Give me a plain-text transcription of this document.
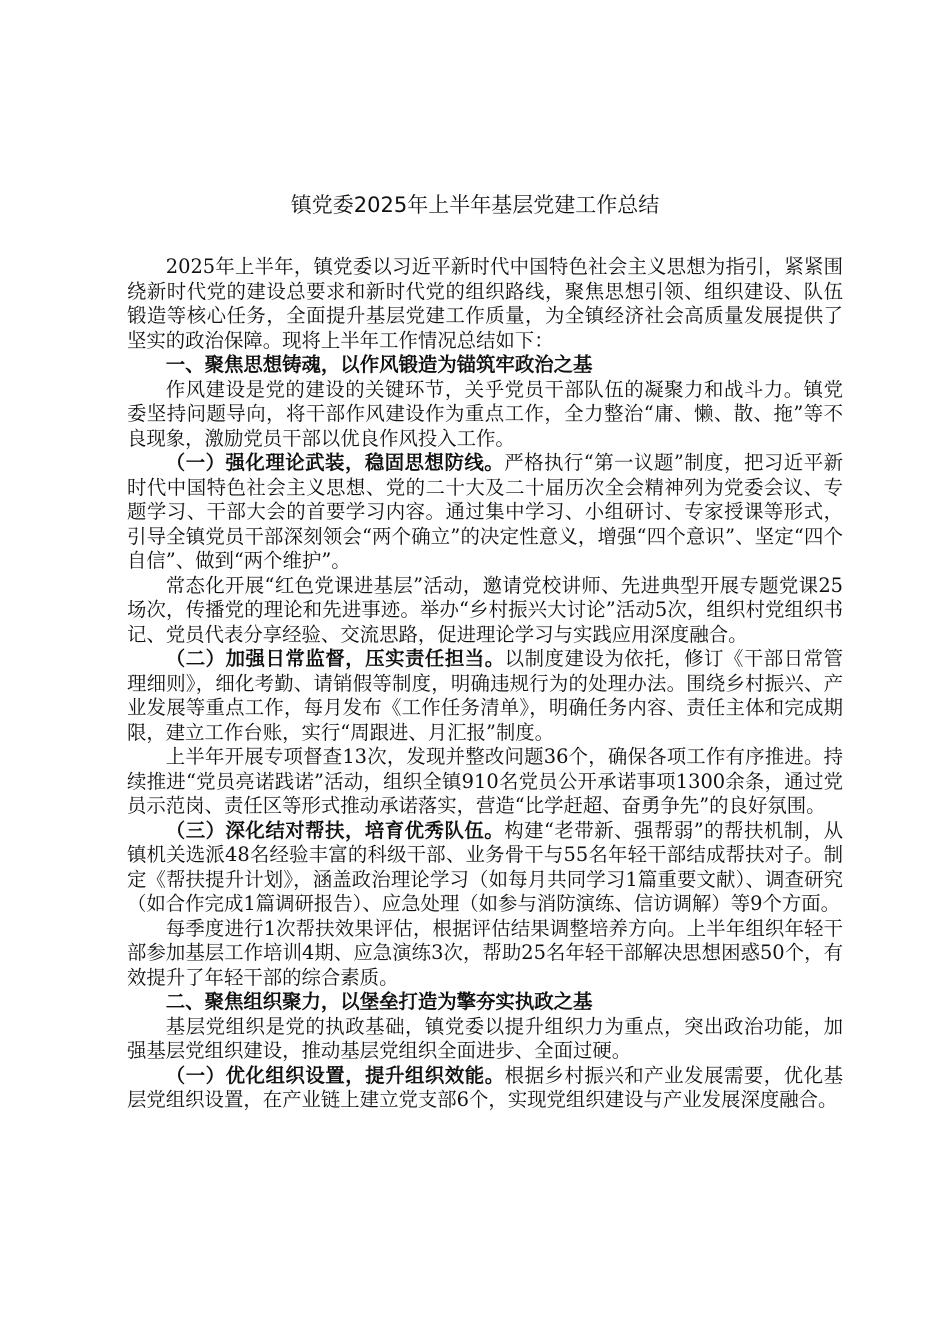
镇党委2025年上半年基层党建工作总结

2025年上半年，镇党委以习近平新时代中国特色社会主义思想为指引，紧紧围绕新时代党的建设总要求和新时代党的组织路线，聚焦思想引领、组织建设、队伍锻造等核心任务，全面提升基层党建工作质量，为全镇经济社会高质量发展提供了坚实的政治保障。现将上半年工作情况总结如下：

一、聚焦思想铸魂，以作风锻造为锚筑牢政治之基

作风建设是党的建设的关键环节，关乎党员干部队伍的凝聚力和战斗力。镇党委坚持问题导向，将干部作风建设作为重点工作，全力整治“庸、懒、散、拖”等不良现象，激励党员干部以优良作风投入工作。

（一）强化理论武装，稳固思想防线。严格执行“第一议题”制度，把习近平新时代中国特色社会主义思想、党的二十大及二十届历次全会精神列为党委会议、专题学习、干部大会的首要学习内容。通过集中学习、小组研讨、专家授课等形式，引导全镇党员干部深刻领会“两个确立”的决定性意义，增强“四个意识”、坚定“四个自信”、做到“两个维护”。

常态化开展“红色党课进基层”活动，邀请党校讲师、先进典型开展专题党课25场次，传播党的理论和先进事迹。举办“乡村振兴大讨论”活动5次，组织村党组织书记、党员代表分享经验、交流思路，促进理论学习与实践应用深度融合。

（二）加强日常监督，压实责任担当。以制度建设为依托，修订《干部日常管理细则》，细化考勤、请销假等制度，明确违规行为的处理办法。围绕乡村振兴、产业发展等重点工作，每月发布《工作任务清单》，明确任务内容、责任主体和完成期限，建立工作台账，实行“周跟进、月汇报”制度。

上半年开展专项督查13次，发现并整改问题36个，确保各项工作有序推进。持续推进“党员亮诺践诺”活动，组织全镇910名党员公开承诺事项1300余条，通过党员示范岗、责任区等形式推动承诺落实，营造“比学赶超、奋勇争先”的良好氛围。

（三）深化结对帮扶，培育优秀队伍。构建“老带新、强帮弱”的帮扶机制，从镇机关选派48名经验丰富的科级干部、业务骨干与55名年轻干部结成帮扶对子。制定《帮扶提升计划》，涵盖政治理论学习（如每月共同学习1篇重要文献）、调查研究（如合作完成1篇调研报告）、应急处理（如参与消防演练、信访调解）等9个方面。

每季度进行1次帮扶效果评估，根据评估结果调整培养方向。上半年组织年轻干部参加基层工作培训4期、应急演练3次，帮助25名年轻干部解决思想困惑50个，有效提升了年轻干部的综合素质。

二、聚焦组织聚力，以堡垒打造为擎夯实执政之基

基层党组织是党的执政基础，镇党委以提升组织力为重点，突出政治功能，加强基层党组织建设，推动基层党组织全面进步、全面过硬。

（一）优化组织设置，提升组织效能。根据乡村振兴和产业发展需要，优化基层党组织设置，在产业链上建立党支部6个，实现党组织建设与产业发展深度融合。
